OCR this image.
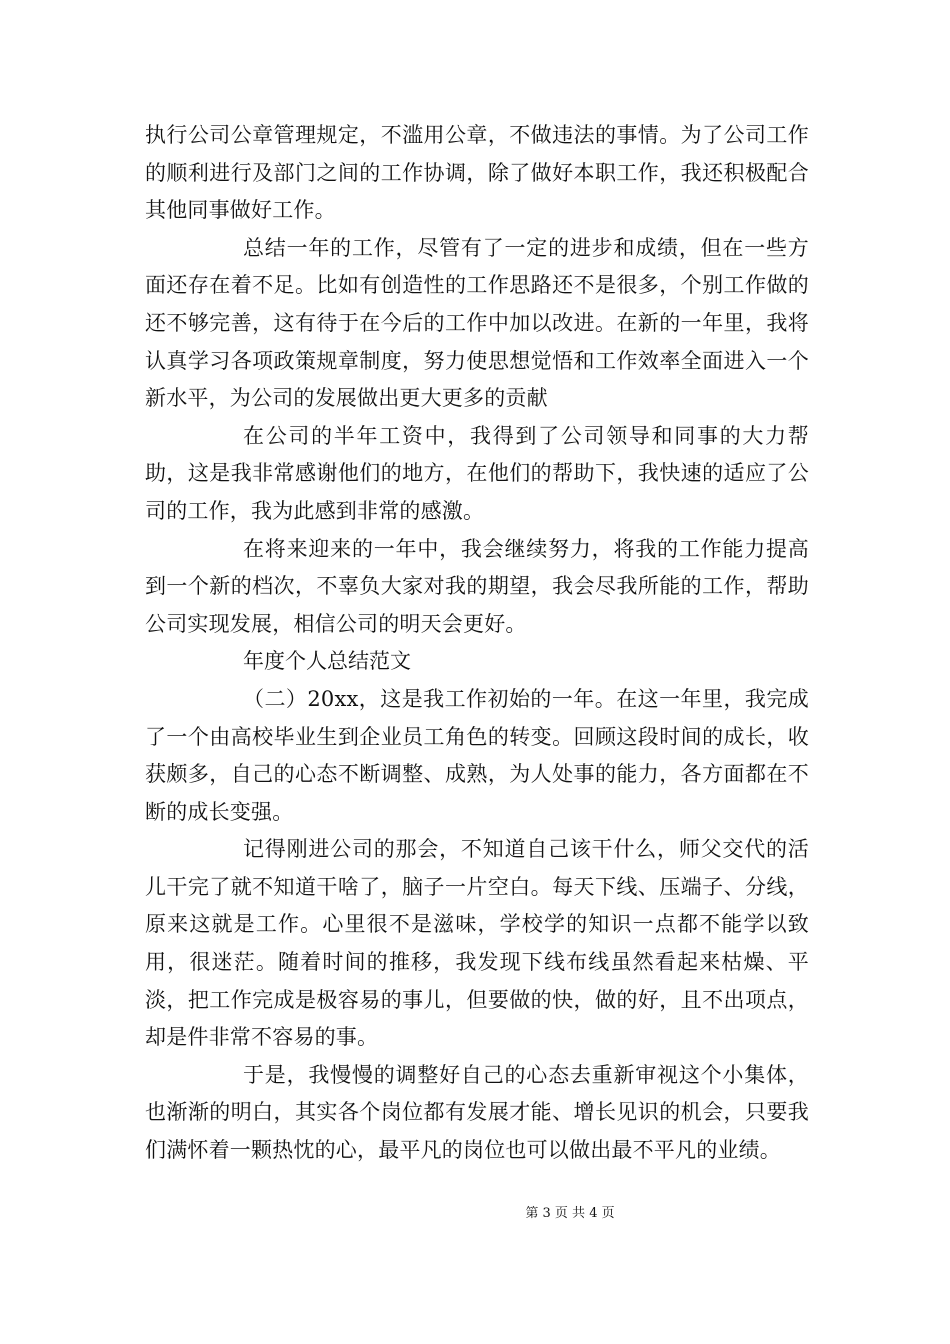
执行公司公章管理规定，不滥用公章，不做违法的事情。为了公司工作的顺利进行及部门之间的工作协调，除了做好本职工作，我还积极配合其他同事做好工作。

总结一年的工作，尽管有了一定的进步和成绩，但在一些方面还存在着不足。比如有创造性的工作思路还不是很多，个别工作做的还不够完善，这有待于在今后的工作中加以改进。在新的一年里，我将认真学习各项政策规章制度，努力使思想觉悟和工作效率全面进入一个新水平，为公司的发展做出更大更多的贡献

在公司的半年工资中，我得到了公司领导和同事的大力帮助，这是我非常感谢他们的地方，在他们的帮助下，我快速的适应了公司的工作，我为此感到非常的感激。

在将来迎来的一年中，我会继续努力，将我的工作能力提高到一个新的档次，不辜负大家对我的期望，我会尽我所能的工作，帮助公司实现发展，相信公司的明天会更好。

年度个人总结范文

（二）20xx，这是我工作初始的一年。在这一年里，我完成了一个由高校毕业生到企业员工角色的转变。回顾这段时间的成长，收获颇多，自己的心态不断调整、成熟，为人处事的能力，各方面都在不断的成长变强。

记得刚进公司的那会，不知道自己该干什么，师父交代的活儿干完了就不知道干啥了，脑子一片空白。每天下线、压端子、分线，原来这就是工作。心里很不是滋味，学校学的知识一点都不能学以致用，很迷茫。随着时间的推移，我发现下线布线虽然看起来枯燥、平淡，把工作完成是极容易的事儿，但要做的快，做的好，且不出项点，却是件非常不容易的事。

于是，我慢慢的调整好自己的心态去重新审视这个小集体，也渐渐的明白，其实各个岗位都有发展才能、增长见识的机会，只要我们满怀着一颗热忱的心，最平凡的岗位也可以做出最不平凡的业绩。

第 3 页 共 4 页
